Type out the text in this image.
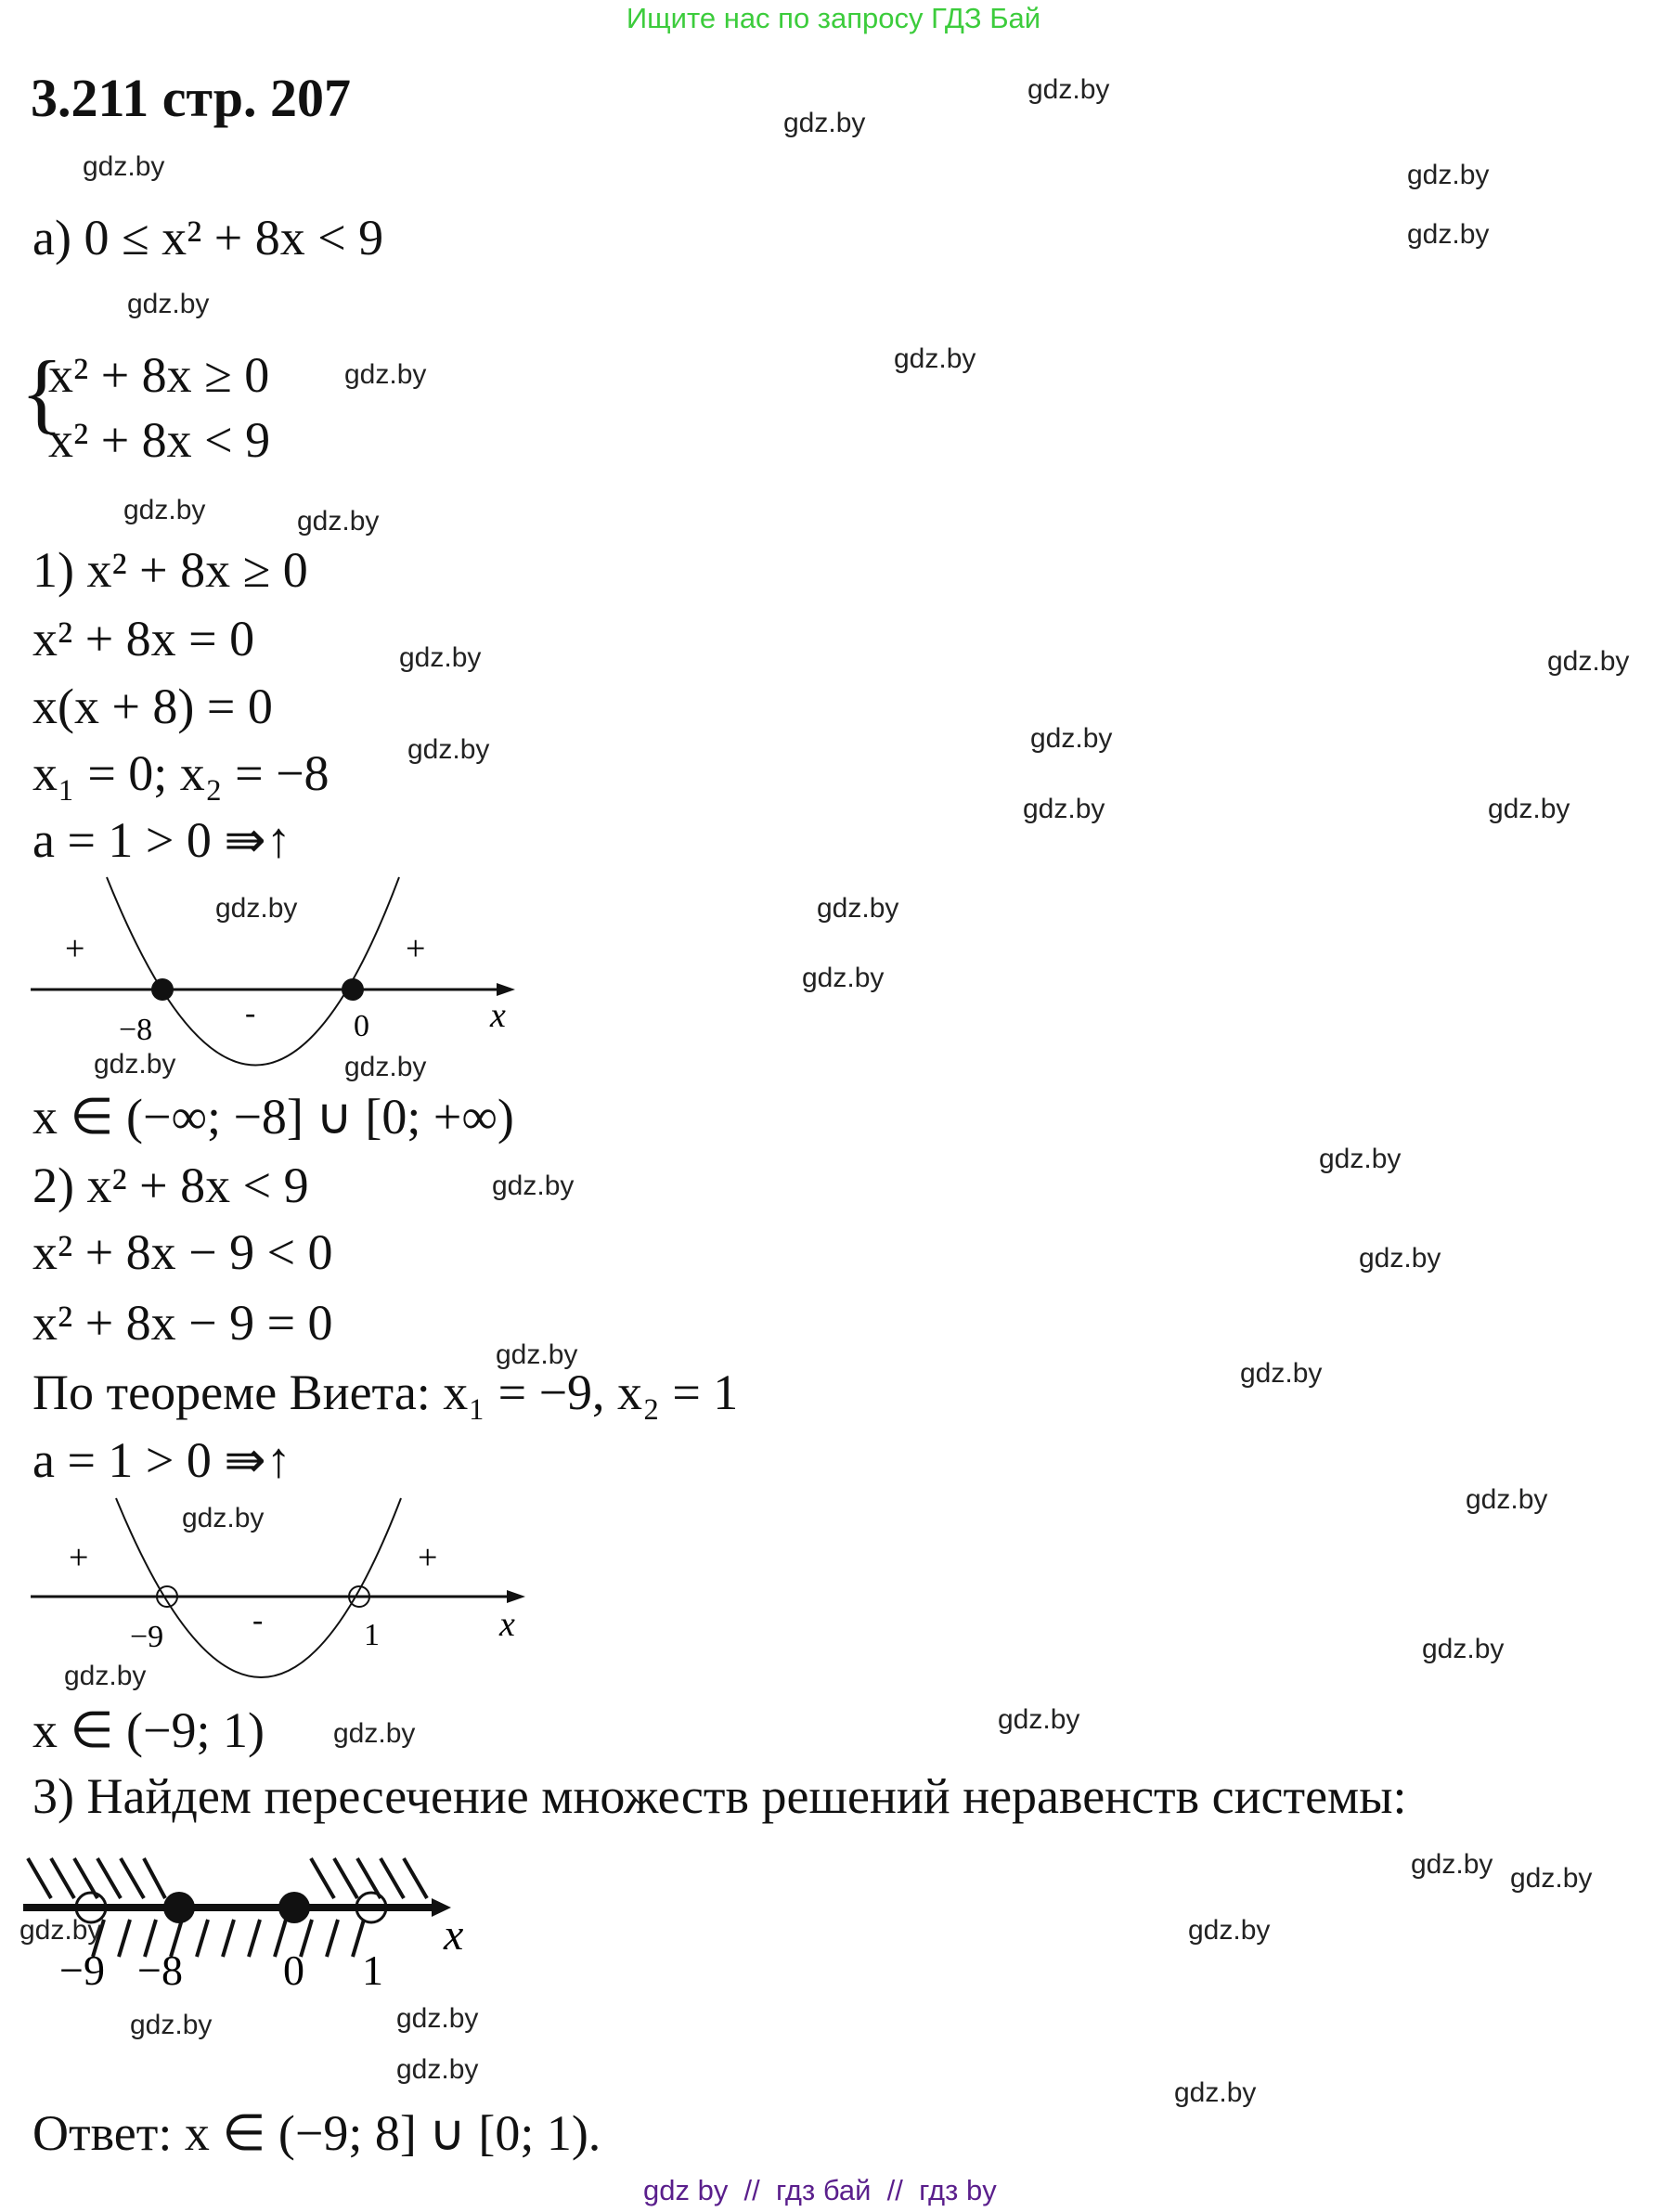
Ищите нас по запросу ГДЗ Бай
3.211 стр. 207
а) 0 ≤ x² + 8x < 9
{
x² + 8x ≥ 0
x² + 8x < 9
1) x² + 8x ≥ 0
x² + 8x = 0
x(x + 8) = 0
x₁ = 0; x₂ = −8
a = 1 > 0 ⇛↑
+
-
+
−8	0	x
x ∈ (−∞; −8] ∪ [0; +∞)
2) x² + 8x < 9
x² + 8x − 9 < 0
x² + 8x − 9 = 0
По теореме Виета: x₁ = −9, x₂ = 1
a = 1 > 0 ⇛↑
+
-
+
−9	1	x
x ∈ (−9; 1)
3) Найдем пересечение множеств решений неравенств системы:
−9 −8 0 1
x
Ответ: x ∈ (−9; 8] ∪ [0; 1).
gdz.by
gdz.by
gdz.by	gdz.by
gdz.by
gdz.by
gdz.by
gdz.by
gdz.by	gdz.by
gdz.by	gdz.by
gdz.by	gdz.by
gdz.by	gdz.by
gdz.by	gdz.by
gdz.by
gdz.by	gdz.by
gdz.by
gdz.by
gdz.by
gdz.by
gdz.by
gdz.by
gdz.by
gdz.by
gdz.by
gdz.by	gdz.by
gdz.by gdz.by
gdz.by	gdz.by
gdz.by	gdz.by
gdz.by
gdz.by
gdz by  //  гдз бай  //  гдз by
